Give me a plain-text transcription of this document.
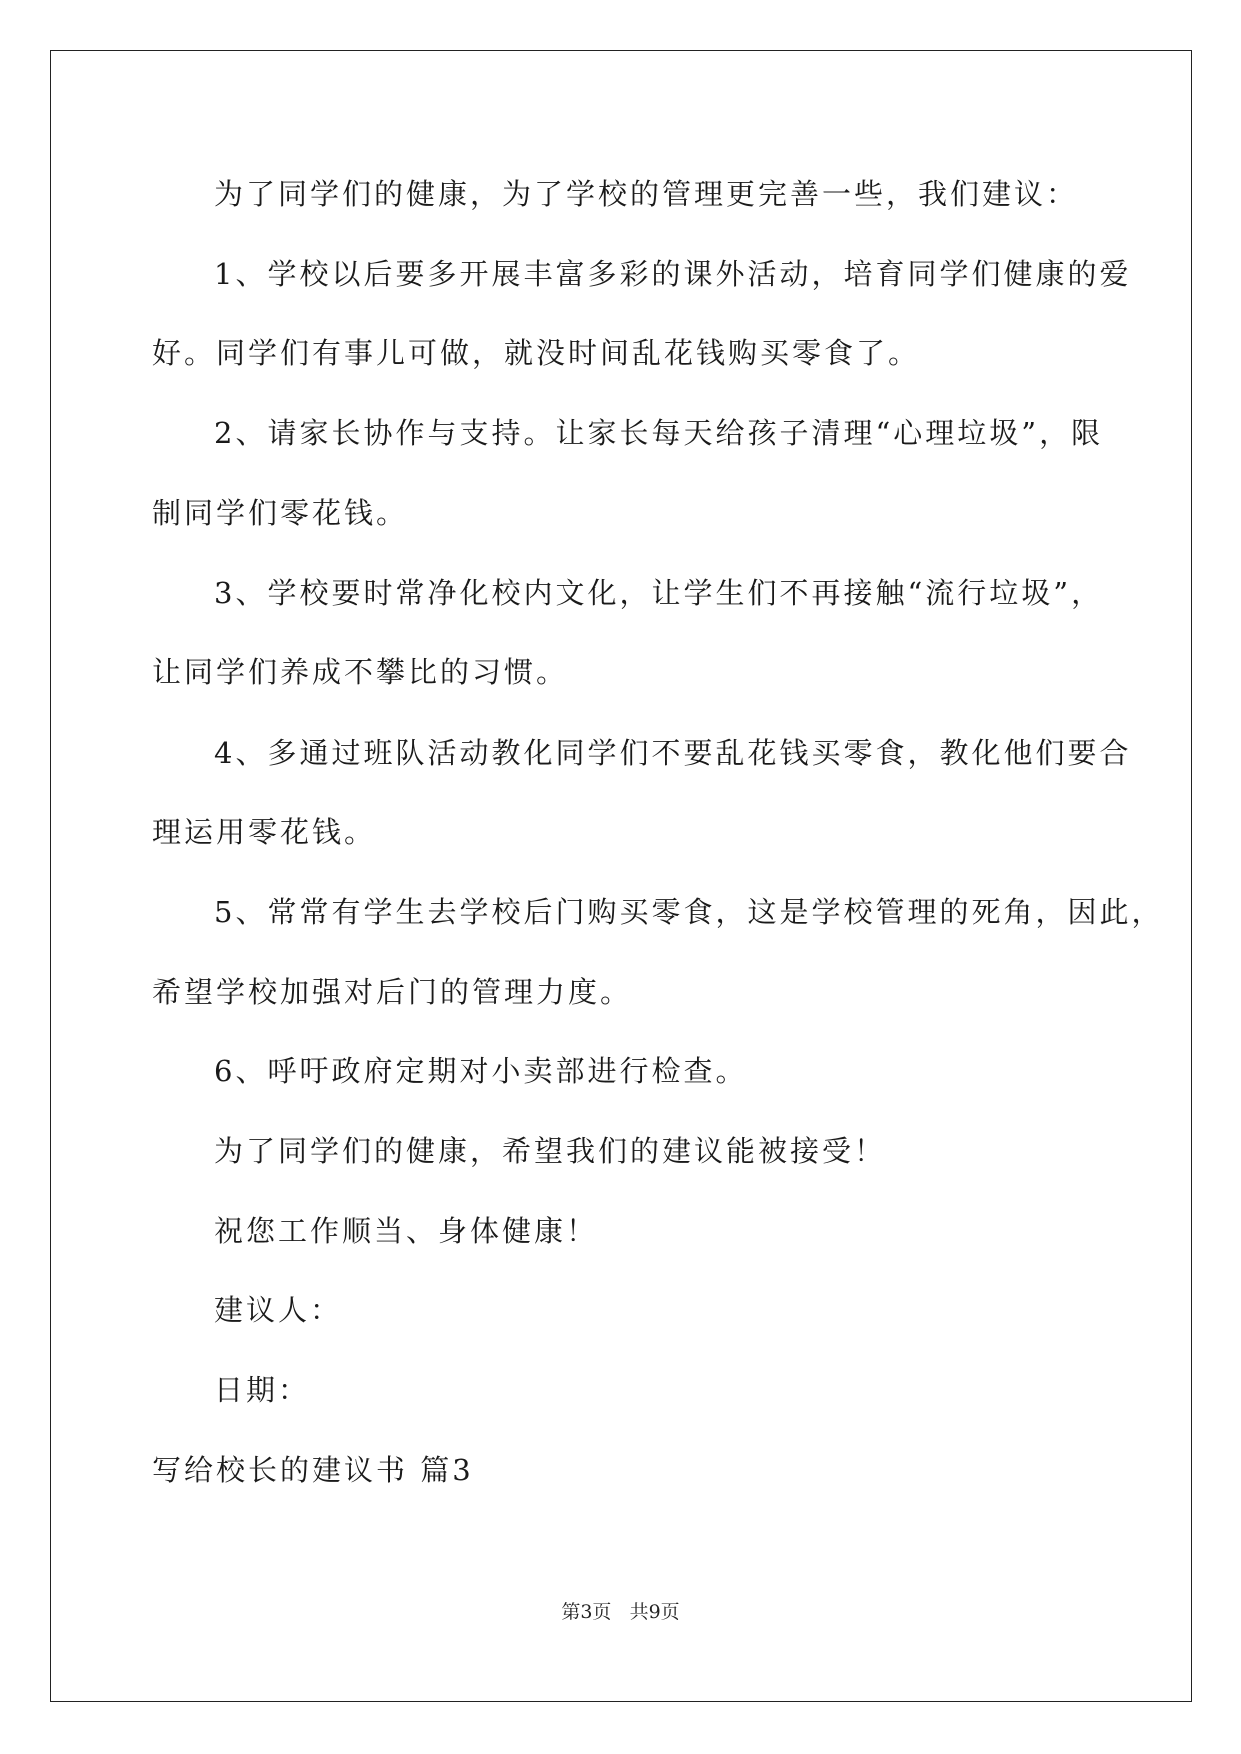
为了同学们的健康，为了学校的管理更完善一些，我们建议：
1、学校以后要多开展丰富多彩的课外活动，培育同学们健康的爱
好。同学们有事儿可做，就没时间乱花钱购买零食了。
2、请家长协作与支持。让家长每天给孩子清理“心理垃圾”，限
制同学们零花钱。
3、学校要时常净化校内文化，让学生们不再接触“流行垃圾”，
让同学们养成不攀比的习惯。
4、多通过班队活动教化同学们不要乱花钱买零食，教化他们要合
理运用零花钱。
5、常常有学生去学校后门购买零食，这是学校管理的死角，因此，
希望学校加强对后门的管理力度。
6、呼吁政府定期对小卖部进行检查。
为了同学们的健康，希望我们的建议能被接受！
祝您工作顺当、身体健康！
建议人：
日期：
写给校长的建议书 篇3
第3页 共9页
